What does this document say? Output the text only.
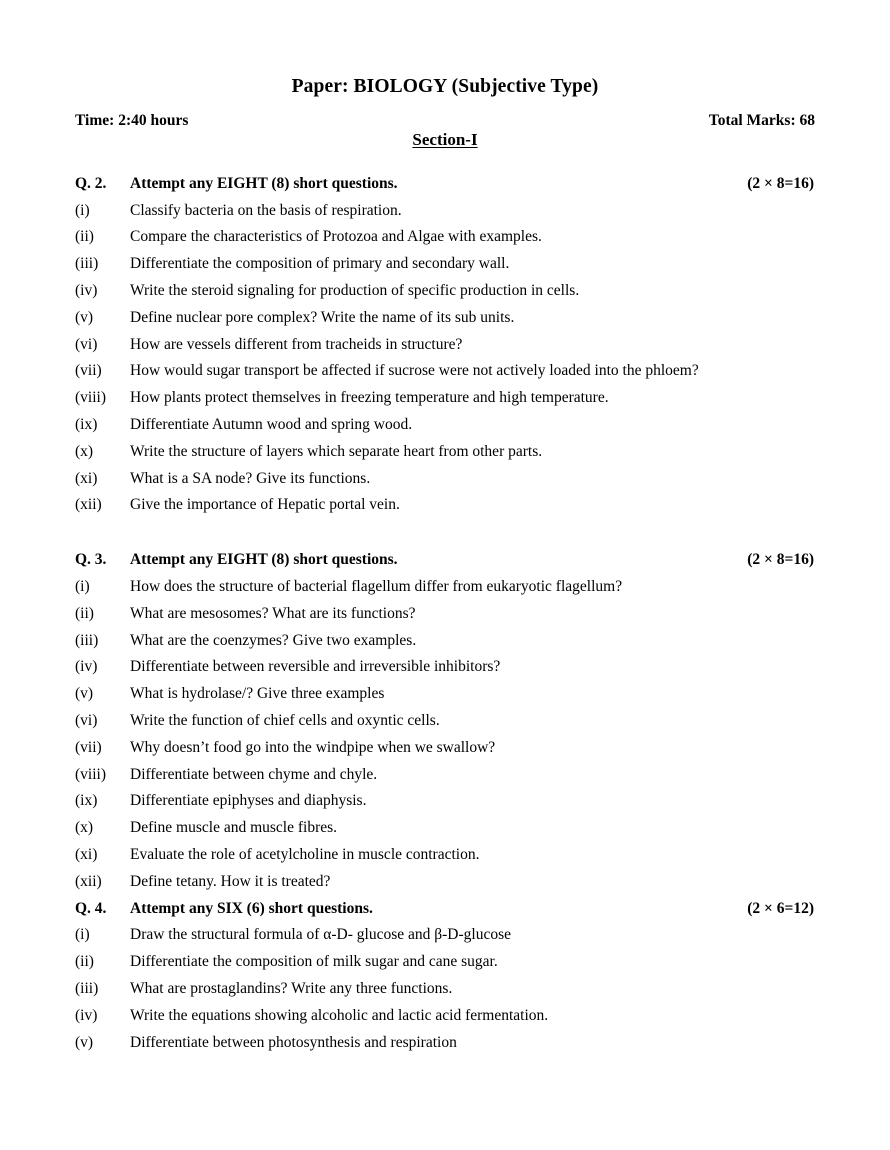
Paper: BIOLOGY (Subjective Type)
Time: 2:40 hours	Total Marks: 68
Section-I
Q. 2.	Attempt any EIGHT (8) short questions.	(2 × 8=16)
(i)	Classify bacteria on the basis of respiration.
(ii)	Compare the characteristics of Protozoa and Algae with examples.
(iii)	Differentiate the composition of primary and secondary wall.
(iv)	Write the steroid signaling for production of specific production in cells.
(v)	Define nuclear pore complex? Write the name of its sub units.
(vi)	How are vessels different from tracheids in structure?
(vii)	How would sugar transport be affected if sucrose were not actively loaded into the phloem?
(viii)	How plants protect themselves in freezing temperature and high temperature.
(ix)	Differentiate Autumn wood and spring wood.
(x)	Write the structure of layers which separate heart from other parts.
(xi)	What is a SA node? Give its functions.
(xii)	Give the importance of Hepatic portal vein.
Q. 3.	Attempt any EIGHT (8) short questions.	(2 × 8=16)
(i)	How does the structure of bacterial flagellum differ from eukaryotic flagellum?
(ii)	What are mesosomes? What are its functions?
(iii)	What are the coenzymes? Give two examples.
(iv)	Differentiate between reversible and irreversible inhibitors?
(v)	What is hydrolase/? Give three examples
(vi)	Write the function of chief cells and oxyntic cells.
(vii)	Why doesn’t food go into the windpipe when we swallow?
(viii)	Differentiate between chyme and chyle.
(ix)	Differentiate epiphyses and diaphysis.
(x)	Define muscle and muscle fibres.
(xi)	Evaluate the role of acetylcholine in muscle contraction.
(xii)	Define tetany. How it is treated?
Q. 4.	Attempt any SIX (6) short questions.	(2 × 6=12)
(i)	Draw the structural formula of α-D- glucose and β-D-glucose
(ii)	Differentiate the composition of milk sugar and cane sugar.
(iii)	What are prostaglandins? Write any three functions.
(iv)	Write the equations showing alcoholic and lactic acid fermentation.
(v)	Differentiate between photosynthesis and respiration
